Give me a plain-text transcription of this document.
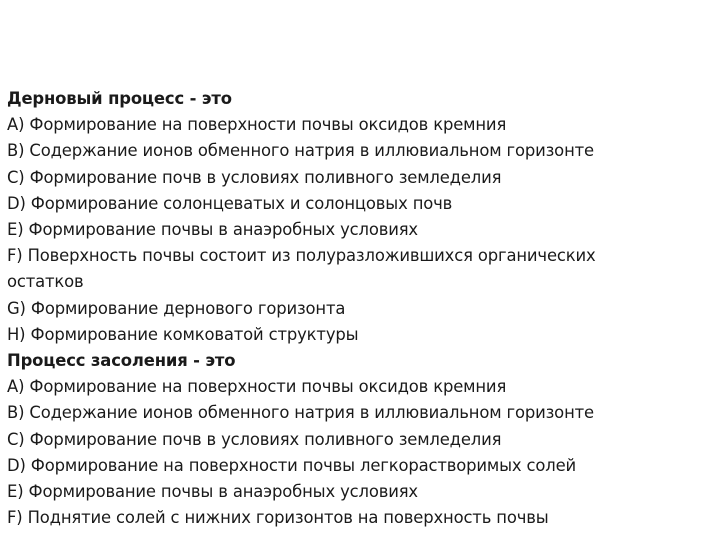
Дерновый процесс - это
A) Формирование на поверхности почвы оксидов кремния
B) Содержание ионов обменного натрия в иллювиальном горизонте
C) Формирование почв в условиях поливного земледелия
D) Формирование солонцеватых и солонцовых почв
E) Формирование почвы в анаэробных условиях
F) Поверхность почвы состоит из полуразложившихся органических остатков
G) Формирование дернового горизонта
H) Формирование комковатой структуры
Процесс засоления - это
A) Формирование на поверхности почвы оксидов кремния
B) Содержание ионов обменного натрия в иллювиальном горизонте
C) Формирование почв в условиях поливного земледелия
D) Формирование на поверхности почвы легкорастворимых солей
E) Формирование почвы в анаэробных условиях
F) Поднятие солей с нижних горизонтов на поверхность почвы
